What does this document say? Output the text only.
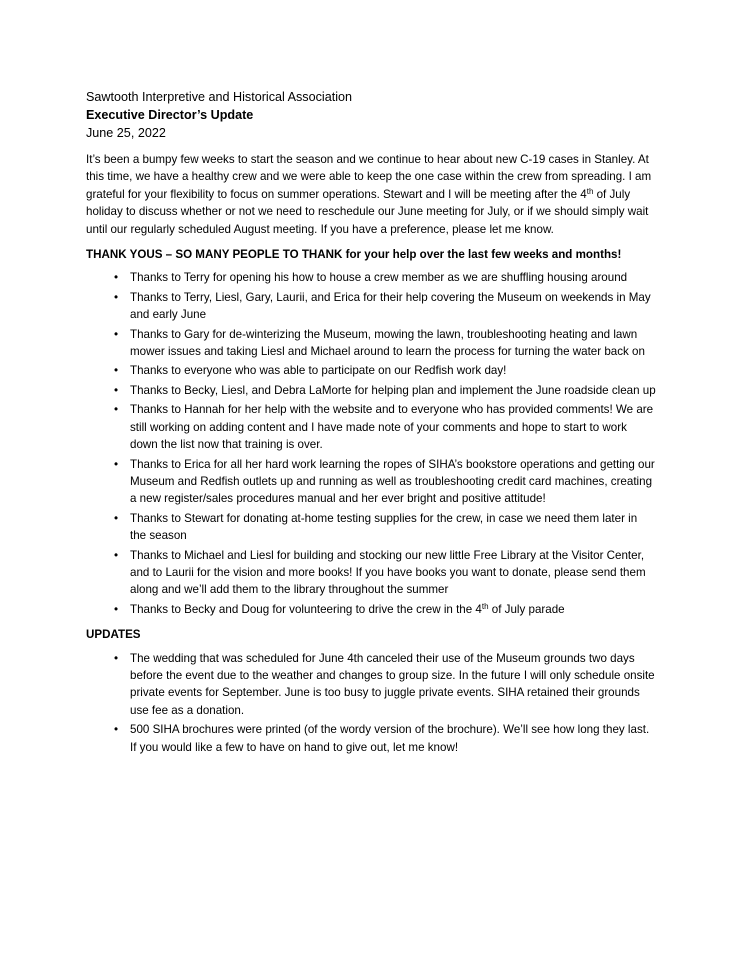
Sawtooth Interpretive and Historical Association
Executive Director’s Update
June 25, 2022

It’s been a bumpy few weeks to start the season and we continue to hear about new C-19 cases in Stanley. At this time, we have a healthy crew and we were able to keep the one case within the crew from spreading. I am grateful for your flexibility to focus on summer operations. Stewart and I will be meeting after the 4th of July holiday to discuss whether or not we need to reschedule our June meeting for July, or if we should simply wait until our regularly scheduled August meeting. If you have a preference, please let me know.

THANK YOUS – SO MANY PEOPLE TO THANK for your help over the last few weeks and months!
• Thanks to Terry for opening his how to house a crew member as we are shuffling housing around
• Thanks to Terry, Liesl, Gary, Laurii, and Erica for their help covering the Museum on weekends in May and early June
• Thanks to Gary for de-winterizing the Museum, mowing the lawn, troubleshooting heating and lawn mower issues and taking Liesl and Michael around to learn the process for turning the water back on
• Thanks to everyone who was able to participate on our Redfish work day!
• Thanks to Becky, Liesl, and Debra LaMorte for helping plan and implement the June roadside clean up
• Thanks to Hannah for her help with the website and to everyone who has provided comments! We are still working on adding content and I have made note of your comments and hope to start to work down the list now that training is over.
• Thanks to Erica for all her hard work learning the ropes of SIHA’s bookstore operations and getting our Museum and Redfish outlets up and running as well as troubleshooting credit card machines, creating a new register/sales procedures manual and her ever bright and positive attitude!
• Thanks to Stewart for donating at-home testing supplies for the crew, in case we need them later in the season
• Thanks to Michael and Liesl for building and stocking our new little Free Library at the Visitor Center, and to Laurii for the vision and more books! If you have books you want to donate, please send them along and we’ll add them to the library throughout the summer
• Thanks to Becky and Doug for volunteering to drive the crew in the 4th of July parade
UPDATES
• The wedding that was scheduled for June 4th canceled their use of the Museum grounds two days before the event due to the weather and changes to group size. In the future I will only schedule onsite private events for September. June is too busy to juggle private events. SIHA retained their grounds use fee as a donation.
• 500 SIHA brochures were printed (of the wordy version of the brochure). We’ll see how long they last. If you would like a few to have on hand to give out, let me know!
